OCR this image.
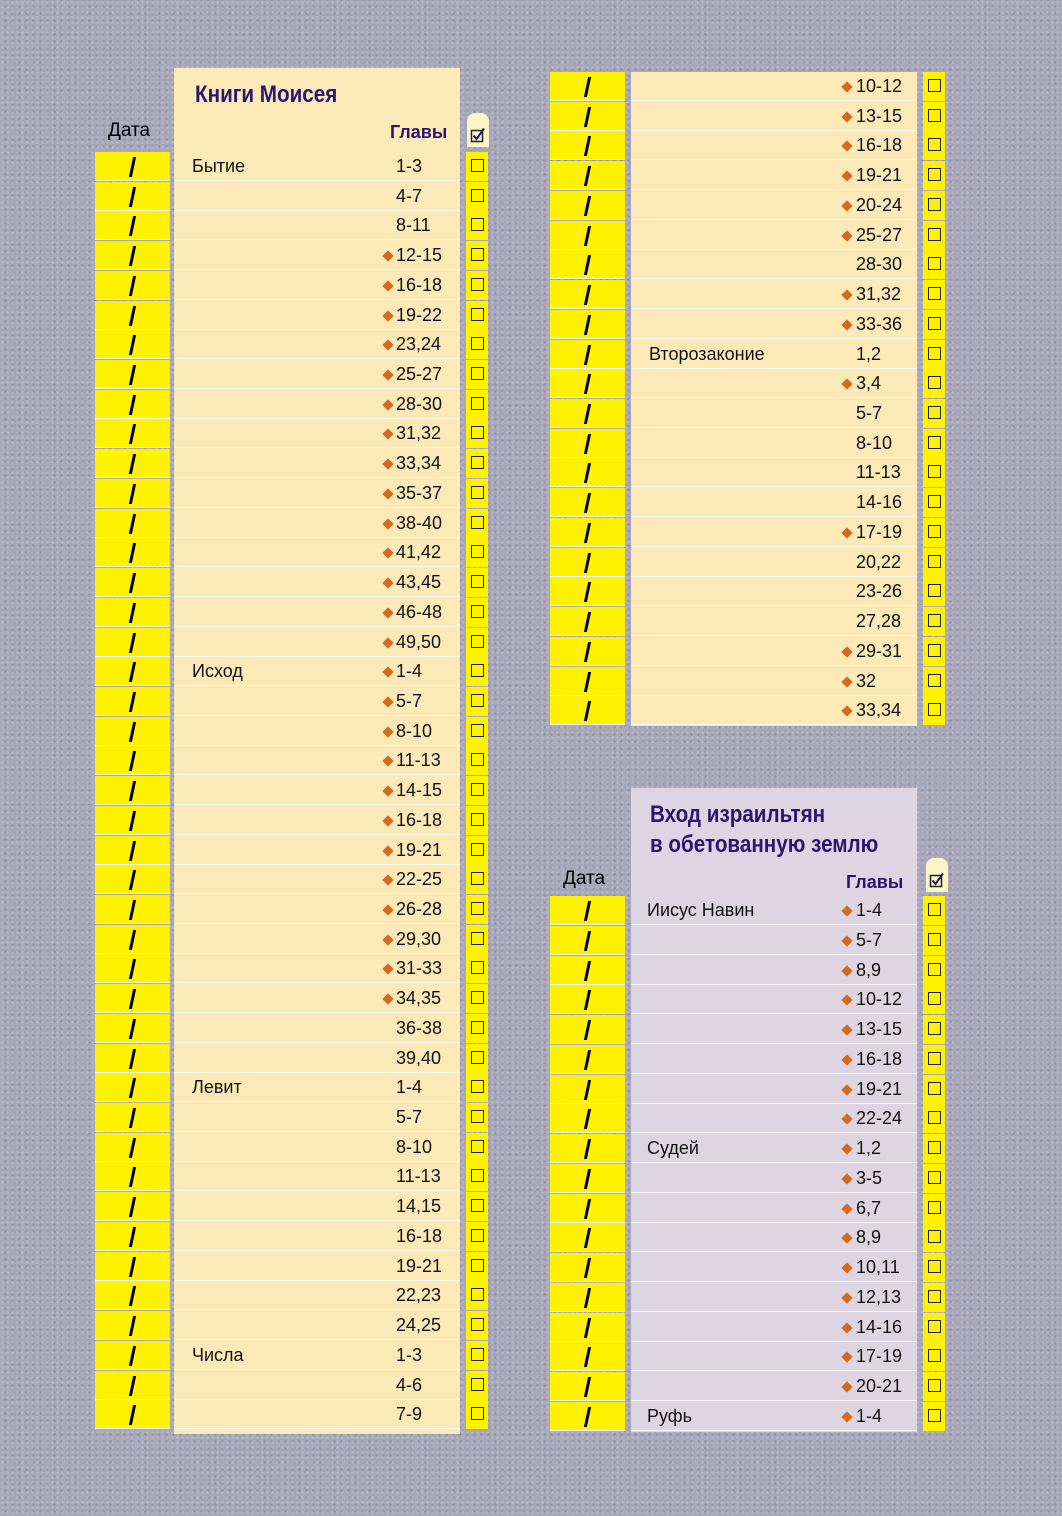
Книги Моисея
Дата	Главы
Вход израильтян
в обетованную землю
Дата	Главы
Бытие	1-3
4-7
8-11
12-15
16-18
19-22
23,24
25-27
28-30
31,32
33,34
35-37
38-40
41,42
43,45
46-48
49,50
Исход	1-4
5-7
8-10
11-13
14-15
16-18
19-21
22-25
26-28
29,30
31-33
34,35
36-38
39,40
Левит	1-4
5-7
8-10
11-13
14,15
16-18
19-21
22,23
24,25
Числа	1-3
4-6
7-9
10-12
13-15
16-18
19-21
20-24
25-27
28-30
31,32
33-36
Второзаконие	1,2
3,4
5-7
8-10
11-13
14-16
17-19
20,22
23-26
27,28
29-31
32
33,34
Иисус Навин	1-4
5-7
8,9
10-12
13-15
16-18
19-21
22-24
Судей	1,2
3-5
6,7
8,9
10,11
12,13
14-16
17-19
20-21
Руфь	1-4
